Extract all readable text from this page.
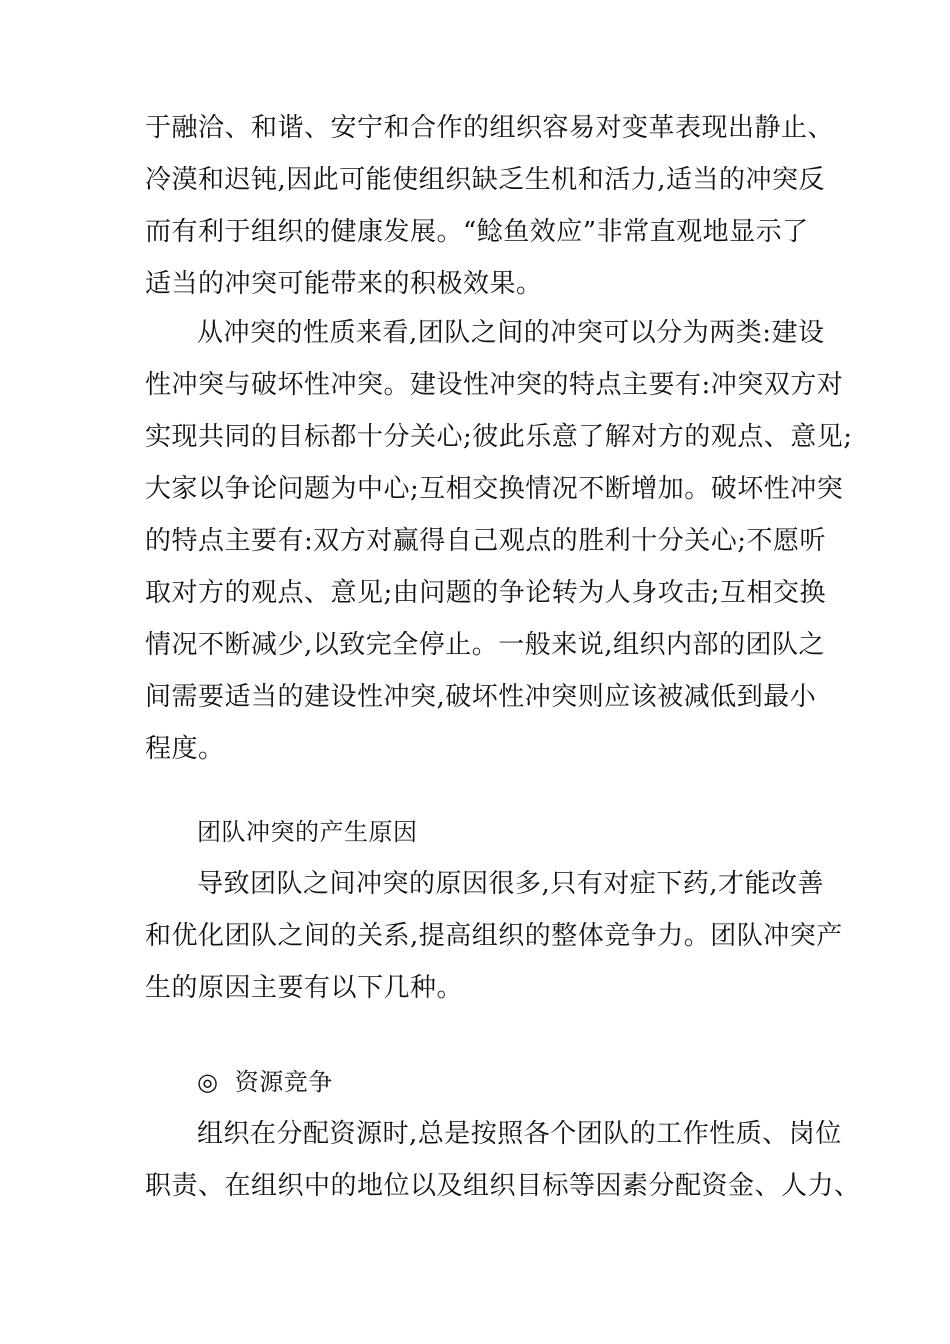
于融洽、和谐、安宁和合作的组织容易对变革表现出静止、
冷漠和迟钝,因此可能使组织缺乏生机和活力,适当的冲突反
而有利于组织的健康发展。“鲶鱼效应”非常直观地显示了
适当的冲突可能带来的积极效果。
从冲突的性质来看,团队之间的冲突可以分为两类:建设
性冲突与破坏性冲突。建设性冲突的特点主要有:冲突双方对
实现共同的目标都十分关心;彼此乐意了解对方的观点、意见;
大家以争论问题为中心;互相交换情况不断增加。破坏性冲突
的特点主要有:双方对赢得自己观点的胜利十分关心;不愿听
取对方的观点、意见;由问题的争论转为人身攻击;互相交换
情况不断减少,以致完全停止。一般来说,组织内部的团队之
间需要适当的建设性冲突,破坏性冲突则应该被减低到最小
程度。
团队冲突的产生原因
导致团队之间冲突的原因很多,只有对症下药,才能改善
和优化团队之间的关系,提高组织的整体竞争力。团队冲突产
生的原因主要有以下几种。
◎  资源竞争
组织在分配资源时,总是按照各个团队的工作性质、岗位
职责、在组织中的地位以及组织目标等因素分配资金、人力、
